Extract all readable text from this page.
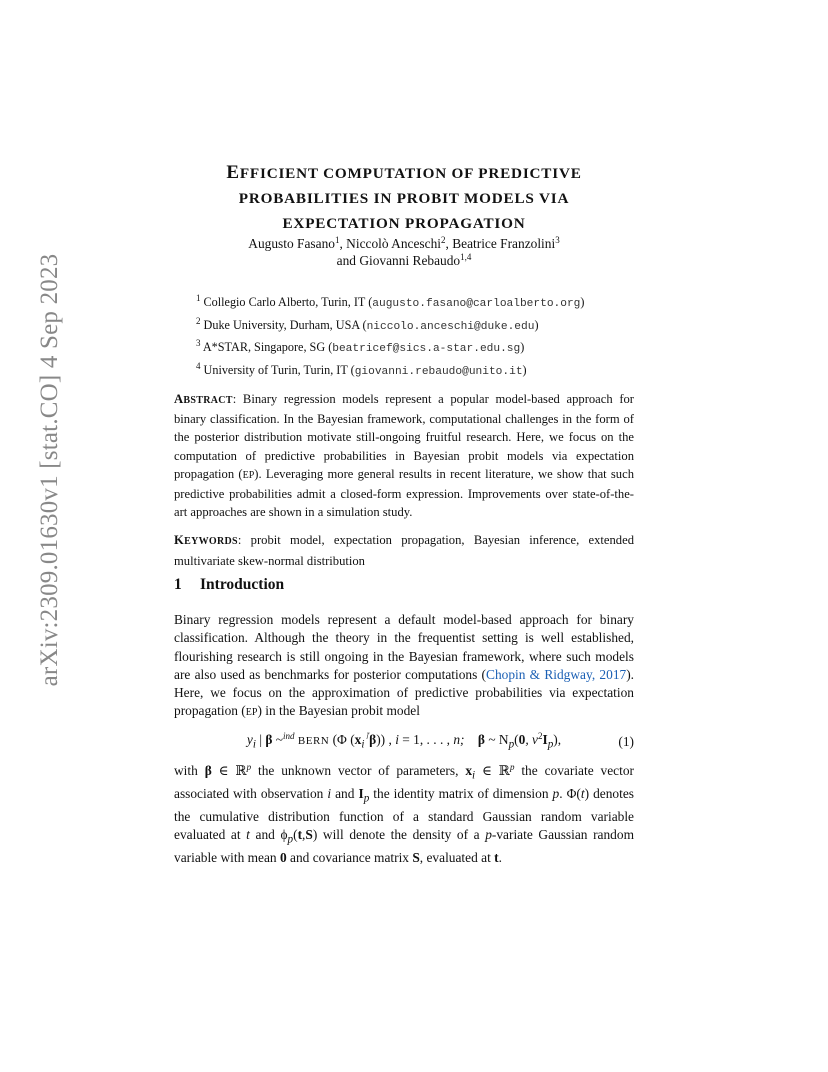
arXiv:2309.01630v1 [stat.CO] 4 Sep 2023
EFFICIENT COMPUTATION OF PREDICTIVE
PROBABILITIES IN PROBIT MODELS VIA
EXPECTATION PROPAGATION
Augusto Fasano$^1$, Niccolò Anceschi$^2$, Beatrice Franzolini$^3$
and Giovanni Rebaudo$^{1,4}$
$^1$ Collegio Carlo Alberto, Turin, IT (augusto.fasano@carloalberto.org)
$^2$ Duke University, Durham, USA (niccolo.anceschi@duke.edu)
$^3$ A*STAR, Singapore, SG (beatricef@sics.a-star.edu.sg)
$^4$ University of Turin, Turin, IT (giovanni.rebaudo@unito.it)

ABSTRACT: Binary regression models represent a popular model-based approach for binary classification. In the Bayesian framework, computational challenges in the form of the posterior distribution motivate still-ongoing fruitful research. Here, we focus on the computation of predictive probabilities in Bayesian probit models via expectation propagation (EP). Leveraging more general results in recent literature, we show that such predictive probabilities admit a closed-form expression. Improvements over state-of-the-art approaches are shown in a simulation study.

KEYWORDS: probit model, expectation propagation, Bayesian inference, extended multivariate skew-normal distribution

1 Introduction

Binary regression models represent a default model-based approach for binary classification. Although the theory in the frequentist setting is well established, flourishing research is still ongoing in the Bayesian framework, where such models are also used as benchmarks for posterior computations (Chopin & Ridgway, 2017). Here, we focus on the approximation of predictive probabilities via expectation propagation (EP) in the Bayesian probit model

$y_i$ | β ~$^{ind}$ BERN (Φ $(x_i^⊺\beta)$) , i = 1, . . . , n;    β ~ $N_p(0$, $\nu^2I_p$),	(1)

with β ∈ ℝ$^p$ the unknown vector of parameters, $x_i$ ∈ ℝ$^p$ the covariate vector associated with observation i and $I_p$ the identity matrix of dimension p. Φ(t) denotes the cumulative distribution function of a standard Gaussian random variable evaluated at t and $\phi_p(t,S)$ will denote the density of a p-variate Gaussian random variable with mean 0 and covariance matrix S, evaluated at t.
